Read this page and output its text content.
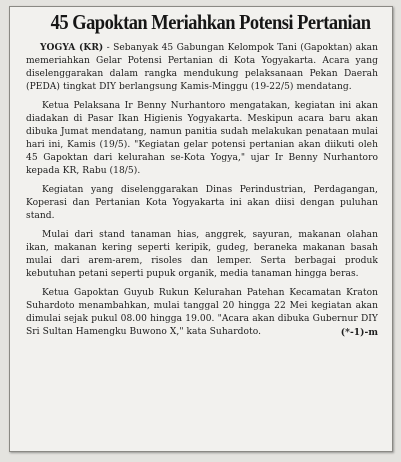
45 Gapoktan Meriahkan Potensi Pertanian

YOGYA (KR) - Sebanyak 45 Gabungan Kelompok Tani (Gapoktan) akan memeriahkan Gelar Potensi Pertanian di Kota Yogyakarta. Acara yang diselenggarakan dalam rangka mendukung pelaksanaan Pekan Daerah (PEDA) tingkat DIY berlangsung Kamis-Minggu (19-22/5) mendatang.

Ketua Pelaksana Ir Benny Nurhantoro mengatakan, kegiatan ini akan diadakan di Pasar Ikan Higienis Yogyakarta. Meskipun acara baru akan dibuka Jumat mendatang, namun panitia sudah melakukan penataan mulai hari ini, Kamis (19/5). "Kegiatan gelar potensi pertanian akan diikuti oleh 45 Gapoktan dari kelurahan se-Kota Yogya," ujar Ir Benny Nurhantoro kepada KR, Rabu (18/5).

Kegiatan yang diselenggarakan Dinas Perindustrian, Perdagangan, Koperasi dan Pertanian Kota Yogyakarta ini akan diisi dengan puluhan stand.

Mulai dari stand tanaman hias, anggrek, sayuran, makanan olahan ikan, makanan kering seperti keripik, gudeg, beraneka makanan basah mulai dari arem-arem, risoles dan lemper. Serta berbagai produk kebutuhan petani seperti pupuk organik, media tanaman hingga beras.

Ketua Gapoktan Guyub Rukun Kelurahan Patehan Kecamatan Kraton Suhardoto menambahkan, mulai tanggal 20 hingga 22 Mei kegiatan akan dimulai sejak pukul 08.00 hingga 19.00. "Acara akan dibuka Gubernur DIY Sri Sultan Hamengku Buwono X," kata Suhardoto.	(*-1)-m
